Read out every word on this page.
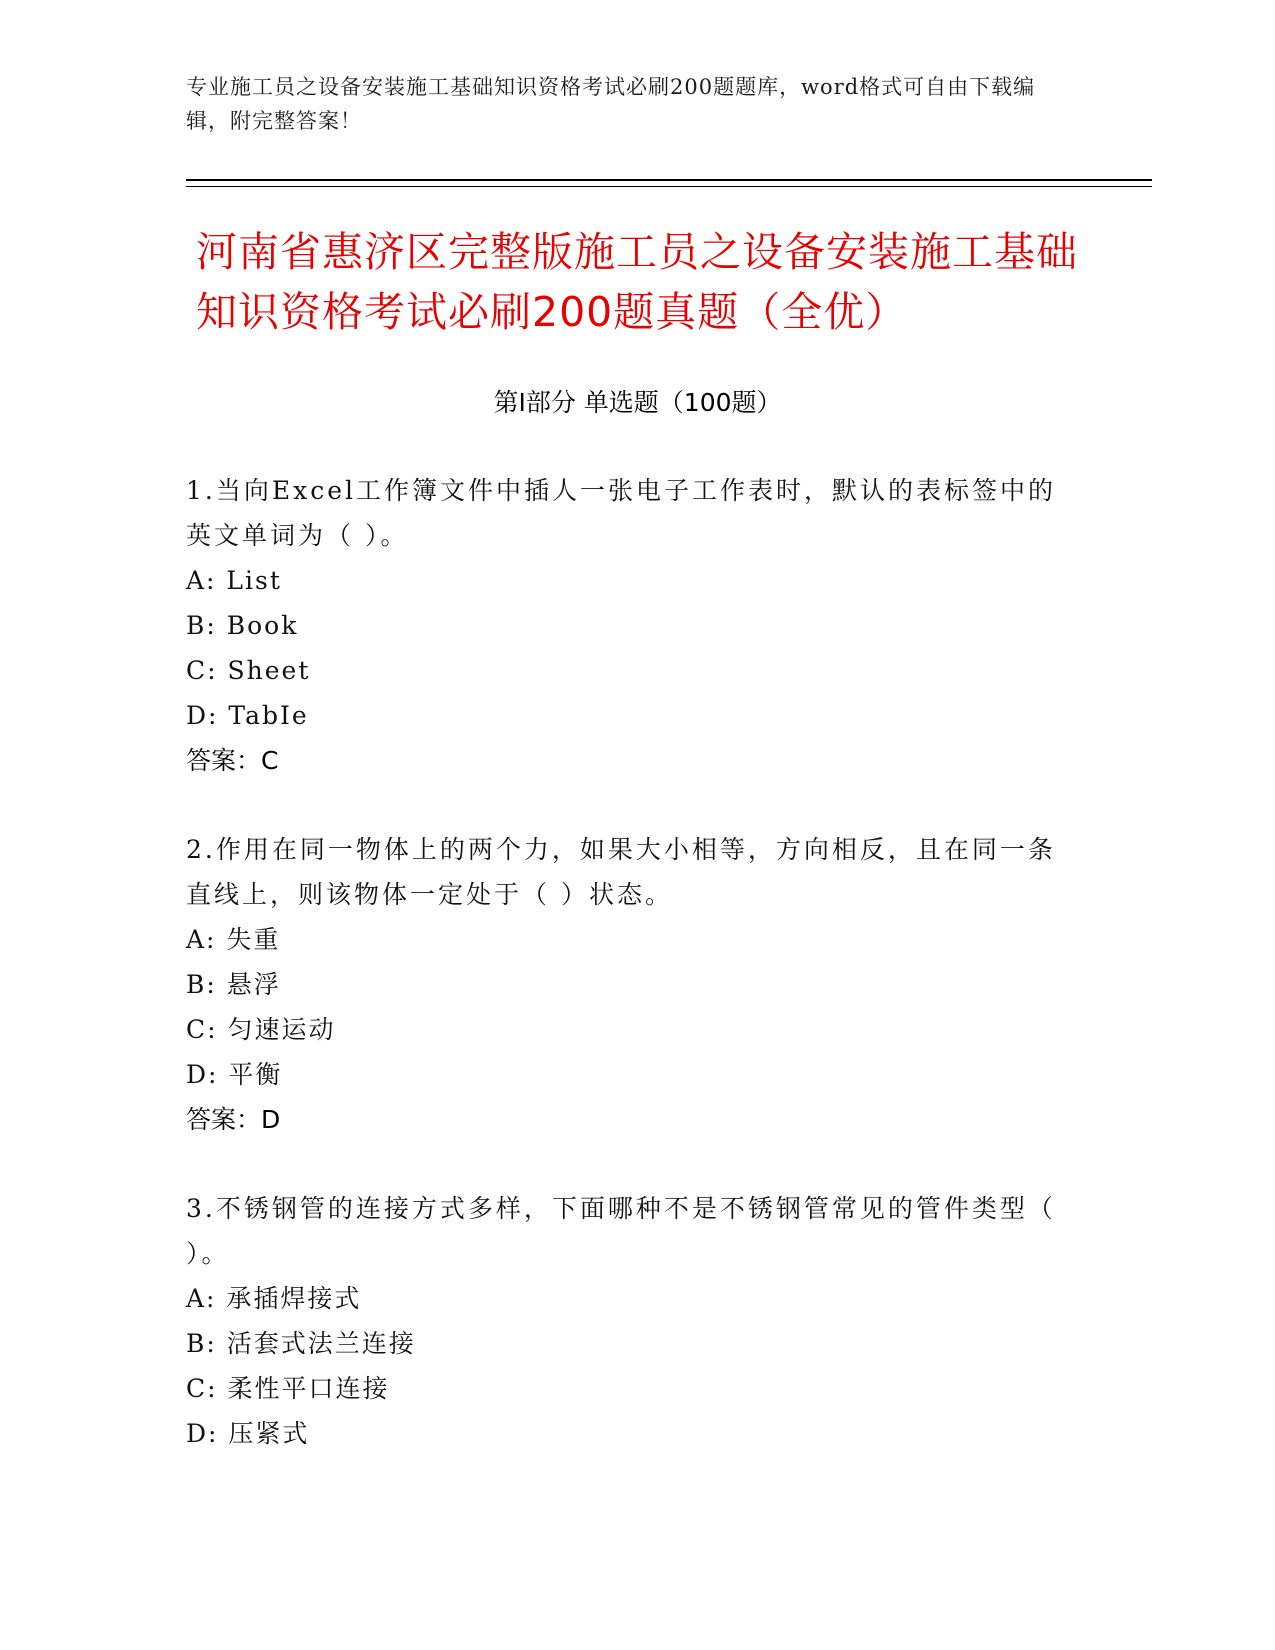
专业施工员之设备安装施工基础知识资格考试必刷200题题库，word格式可自由下载编辑，附完整答案！
河南省惠济区完整版施工员之设备安装施工基础知识资格考试必刷200题真题（全优）
第Ⅰ部分 单选题（100题）
1.当向Excel工作簿文件中插人一张电子工作表时，默认的表标签中的英文单词为（ ）。
A: List
B: Book
C: Sheet
D: TabIe
答案：C
2.作用在同一物体上的两个力，如果大小相等，方向相反，且在同一条直线上，则该物体一定处于（ ）状态。
A: 失重
B: 悬浮
C: 匀速运动
D: 平衡
答案：D
3.不锈钢管的连接方式多样，下面哪种不是不锈钢管常见的管件类型（ ）。
A: 承插焊接式
B: 活套式法兰连接
C: 柔性平口连接
D: 压紧式
